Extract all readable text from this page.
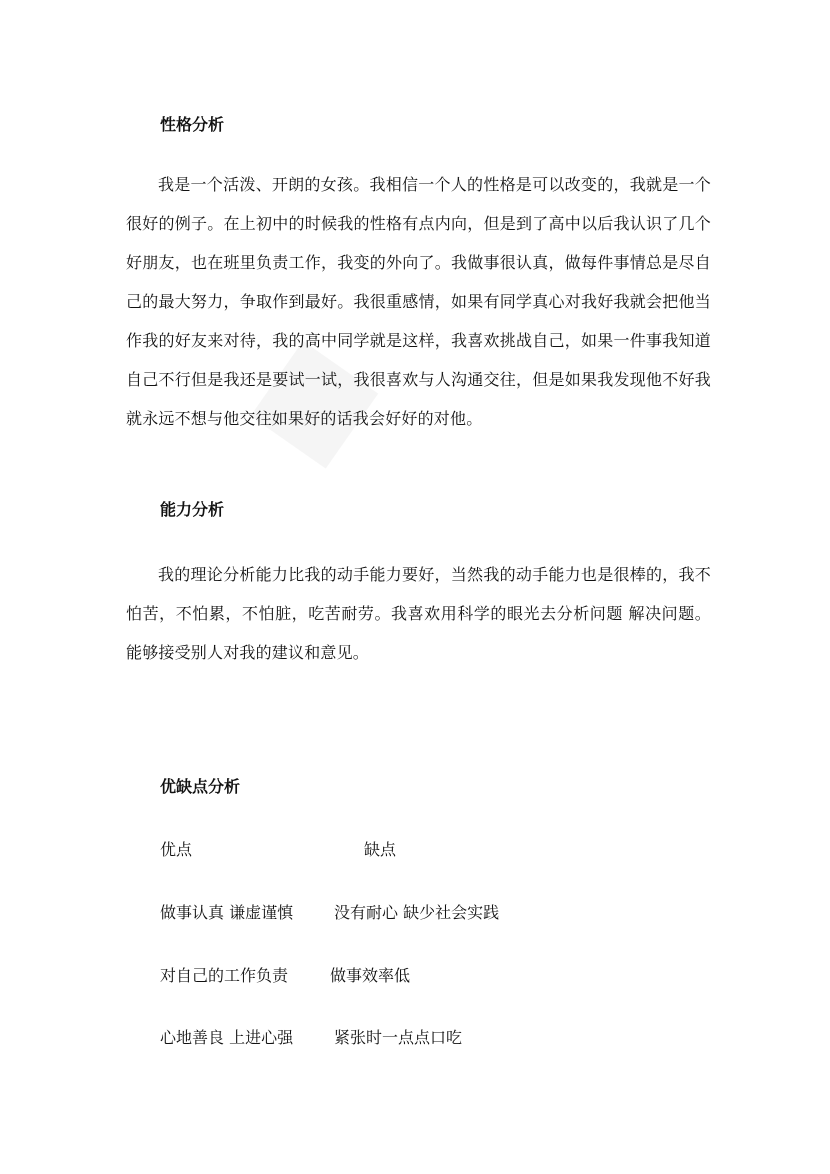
性格分析

我是一个活泼、开朗的女孩。我相信一个人的性格是可以改变的，我就是一个很好的例子。在上初中的时候我的性格有点内向，但是到了高中以后我认识了几个好朋友，也在班里负责工作，我变的外向了。我做事很认真，做每件事情总是尽自己的最大努力，争取作到最好。我很重感情，如果有同学真心对我好我就会把他当作我的好友来对待，我的高中同学就是这样，我喜欢挑战自己，如果一件事我知道自己不行但是我还是要试一试，我很喜欢与人沟通交往，但是如果我发现他不好我就永远不想与他交往如果好的话我会好好的对他。

能力分析

我的理论分析能力比我的动手能力要好，当然我的动手能力也是很棒的，我不怕苦，不怕累，不怕脏，吃苦耐劳。我喜欢用科学的眼光去分析问题 解决问题。能够接受别人对我的建议和意见。

优缺点分析
优点	缺点
做事认真 谦虚谨慎	没有耐心 缺少社会实践
对自己的工作负责	做事效率低
心地善良 上进心强	紧张时一点点口吃
